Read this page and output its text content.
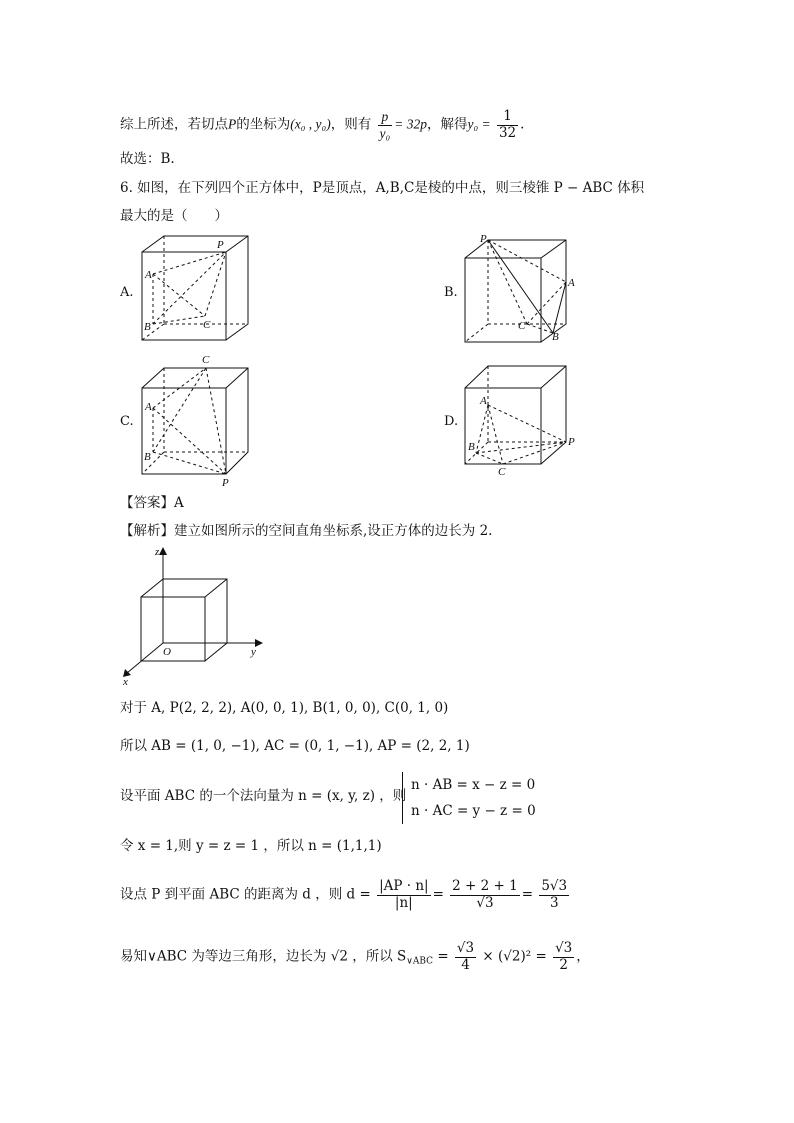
综上所述，若切点P的坐标为(x₀ , y₀)，则有 $\frac{p}{\text{y₀}} = 32p$，解得$y_0 = \frac{1}{32}$ .
故选：B.
6. 如图，在下列四个正方体中，P是顶点，A,B,C是棱的中点，则三棱锥 P − ABC 体积
最大的是（　　）
A.	B.
C.	D.
P
A
B	C
P
A
B
C
C
A
B
P
A
B	P
C
【答案】A
【解析】建立如图所示的空间直角坐标系,设正方体的边长为 2.
z
y
x
O
对于 A, P(2, 2, 2), A(0, 0, 1), B(1, 0, 0), C(0, 1, 0)
所以 AB = (1, 0, −1), AC = (0, 1, −1), AP = (2, 2, 1)
设平面 ABC 的一个法向量为 n = (x, y, z) ，则
n · AB = x − z = 0
n · AC = y − z = 0
令 x = 1,则 y = z = 1 ，所以 n = (1,1,1)
设点 P 到平面 ABC 的距离为 d ，则 $d = \frac{|AP \cdot n|}{|n|} = \frac{2 + 2 + 1}{√3} = \frac{5√3}{3}$
易知∨ABC 为等边三角形，边长为 √2 ，所以 $S_{\vee ABC} = \frac{√3}{4} \times (√2)^2 = \frac{√3}{2}$ ，
